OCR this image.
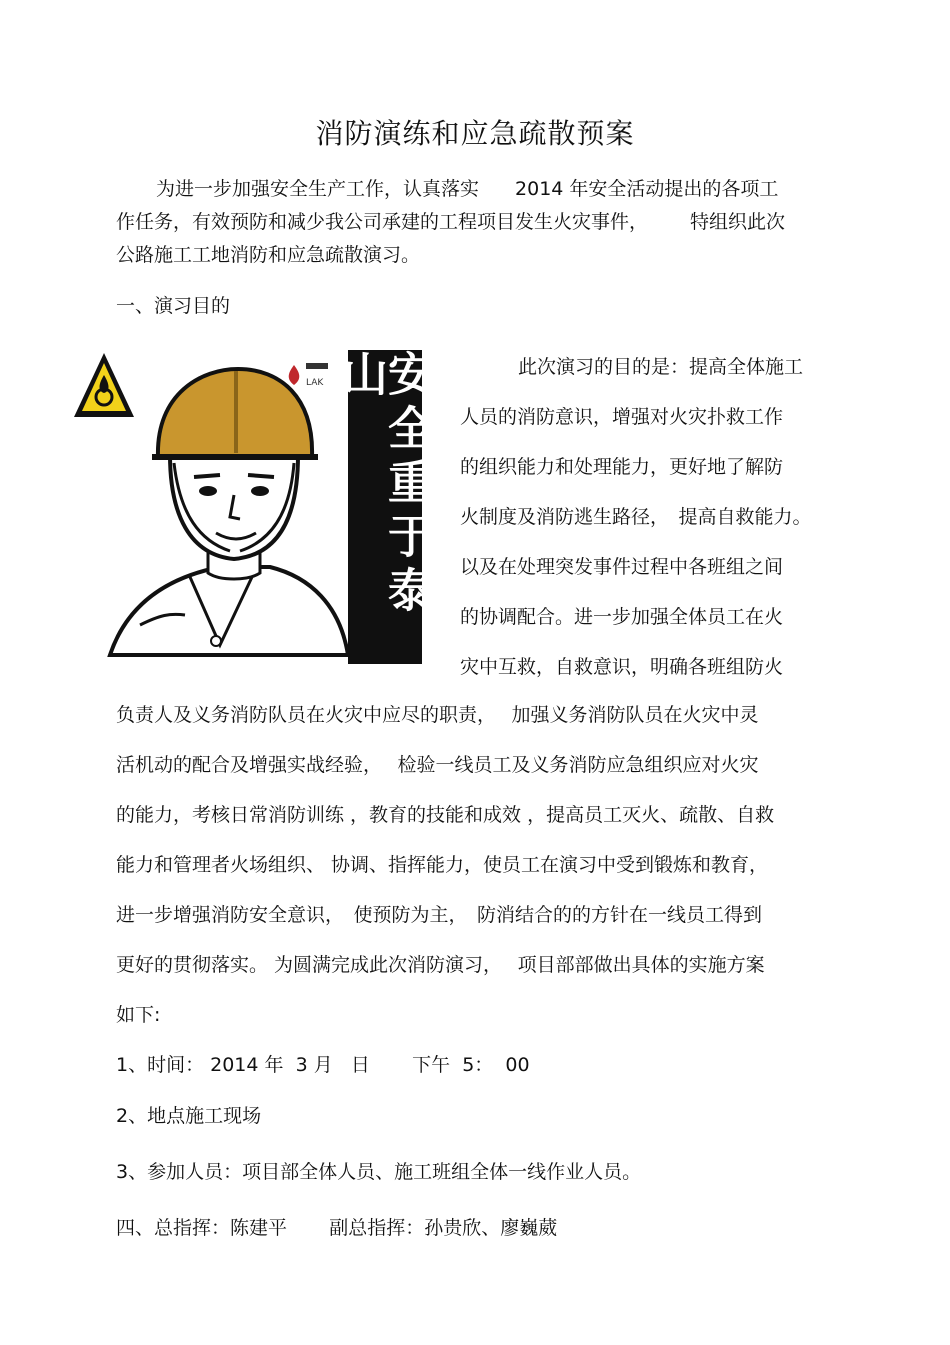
消防演练和应急疏散预案
为进一步加强安全生产工作，认真落实 2014 年安全活动提出的各项工
作任务，有效预防和减少我公司承建的工程项目发生火灾事件， 特组织此次
公路施工工地消防和应急疏散演习。
一、演习目的
LAK	安全重于泰山	此次演习的目的是：提高全体施工
人员的消防意识，增强对火灾扑救工作
的组织能力和处理能力，更好地了解防
火制度及消防逃生路径，　提高自救能力。
以及在处理突发事件过程中各班组之间
的协调配合。进一步加强全体员工在火
灾中互救，自救意识，明确各班组防火
负责人及义务消防队员在火灾中应尽的职责，　 加强义务消防队员在火灾中灵
活机动的配合及增强实战经验，　 检验一线员工及义务消防应急组织应对火灾
的能力，考核日常消防训练 ，教育的技能和成效 ，提高员工灭火、疏散、自救
能力和管理者火场组织、 协调、指挥能力，使员工在演习中受到锻炼和教育，
进一步增强消防安全意识，　使预防为主，　防消结合的的方针在一线员工得到
更好的贯彻落实。 为圆满完成此次消防演习，　 项目部部做出具体的实施方案
如下:
1、时间： 2014 年  3 月   日       下午  5：  00
2、地点施工现场
3、参加人员：项目部全体人员、施工班组全体一线作业人员。
四、总指挥：陈建平       副总指挥：孙贵欣、廖巍葳
